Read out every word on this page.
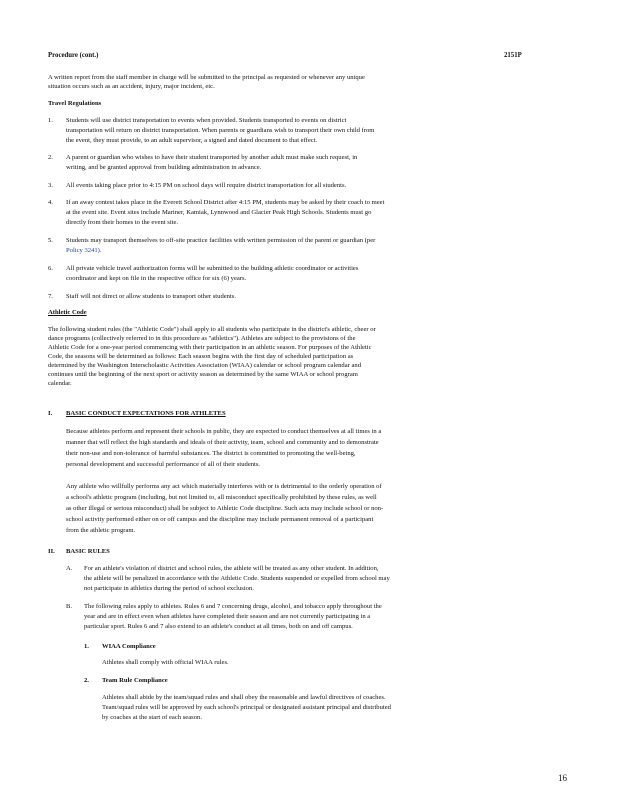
Procedure (cont.)	2151P
A written report from the staff member in charge will be submitted to the principal as requested or whenever any unique
situation occurs such as an accident, injury, major incident, etc.
Travel Regulations
1. Students will use district transportation to events when provided. Students transported to events on district
transportation will return on district transportation. When parents or guardians wish to transport their own child from
the event, they must provide, to an adult supervisor, a signed and dated document to that effect.
2. A parent or guardian who wishes to have their student transported by another adult must make such request, in
writing, and be granted approval from building administration in advance.
3. All events taking place prior to 4:15 PM on school days will require district transportation for all students.
4. If an away contest takes place in the Everett School District after 4:15 PM, students may be asked by their coach to meet
at the event site. Event sites include Mariner, Kamiak, Lynnwood and Glacier Peak High Schools. Students must go
directly from their homes to the event site.
5. Students may transport themselves to off-site practice facilities with written permission of the parent or guardian (per
Policy 3241).
6. All private vehicle travel authorization forms will be submitted to the building athletic coordinator or activities
coordinator and kept on file in the respective office for six (6) years.
7. Staff will not direct or allow students to transport other students.
Athletic Code
The following student rules (the "Athletic Code") shall apply to all students who participate in the district's athletic, cheer or
dance programs (collectively referred to in this procedure as "athletics"). Athletes are subject to the provisions of the
Athletic Code for a one-year period commencing with their participation in an athletic season. For purposes of the Athletic
Code, the seasons will be determined as follows: Each season begins with the first day of scheduled participation as
determined by the Washington Interscholastic Activities Association (WIAA) calendar or school program calendar and
continues until the beginning of the next sport or activity season as determined by the same WIAA or school program
calendar.
I. BASIC CONDUCT EXPECTATIONS FOR ATHLETES
Because athletes perform and represent their schools in public, they are expected to conduct themselves at all times in a
manner that will reflect the high standards and ideals of their activity, team, school and community and to demonstrate
their non-use and non-tolerance of harmful substances. The district is committed to promoting the well-being,
personal development and successful performance of all of their students.
Any athlete who willfully performs any act which materially interferes with or is detrimental to the orderly operation of
a school's athletic program (including, but not limited to, all misconduct specifically prohibited by these rules, as well
as other illegal or serious misconduct) shall be subject to Athletic Code discipline. Such acts may include school or non-
school activity performed either on or off campus and the discipline may include permanent removal of a participant
from the athletic program.
II. BASIC RULES
A. For an athlete's violation of district and school rules, the athlete will be treated as any other student. In addition,
the athlete will be penalized in accordance with the Athletic Code. Students suspended or expelled from school may
not participate in athletics during the period of school exclusion.
B. The following rules apply to athletes. Rules 6 and 7 concerning drugs, alcohol, and tobacco apply throughout the
year and are in effect even when athletes have completed their season and are not currently participating in a
particular sport. Rules 6 and 7 also extend to an athlete's conduct at all times, both on and off campus.
1. WIAA Compliance
Athletes shall comply with official WIAA rules.
2. Team Rule Compliance
Athletes shall abide by the team/squad rules and shall obey the reasonable and lawful directives of coaches.
Team/squad rules will be approved by each school's principal or designated assistant principal and distributed
by coaches at the start of each season.
16
